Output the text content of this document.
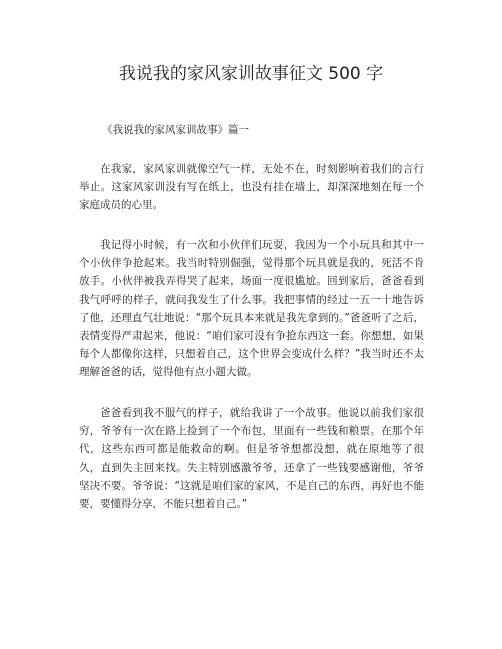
我说我的家风家训故事征文 500 字

《我说我的家风家训故事》篇一

在我家，家风家训就像空气一样，无处不在，时刻影响着我们的言行举止。这家风家训没有写在纸上，也没有挂在墙上，却深深地刻在每一个家庭成员的心里。

我记得小时候，有一次和小伙伴们玩耍，我因为一个小玩具和其中一个小伙伴争抢起来。我当时特别倔强，觉得那个玩具就是我的，死活不肯放手。小伙伴被我弄得哭了起来，场面一度很尴尬。回到家后，爸爸看到我气呼呼的样子，就问我发生了什么事。我把事情的经过一五一十地告诉了他，还理直气壮地说：“那个玩具本来就是我先拿到的。”爸爸听了之后，表情变得严肃起来，他说：“咱们家可没有争抢东西这一套。你想想，如果每个人都像你这样，只想着自己，这个世界会变成什么样？”我当时还不太理解爸爸的话，觉得他有点小题大做。

爸爸看到我不服气的样子，就给我讲了一个故事。他说以前我们家很穷，爷爷有一次在路上捡到了一个布包，里面有一些钱和粮票。在那个年代，这些东西可都是能救命的啊。但是爷爷想都没想，就在原地等了很久，直到失主回来找。失主特别感激爷爷，还拿了一些钱要感谢他，爷爷坚决不要。爷爷说：“这就是咱们家的家风，不是自己的东西，再好也不能要，要懂得分享，不能只想着自己。”
